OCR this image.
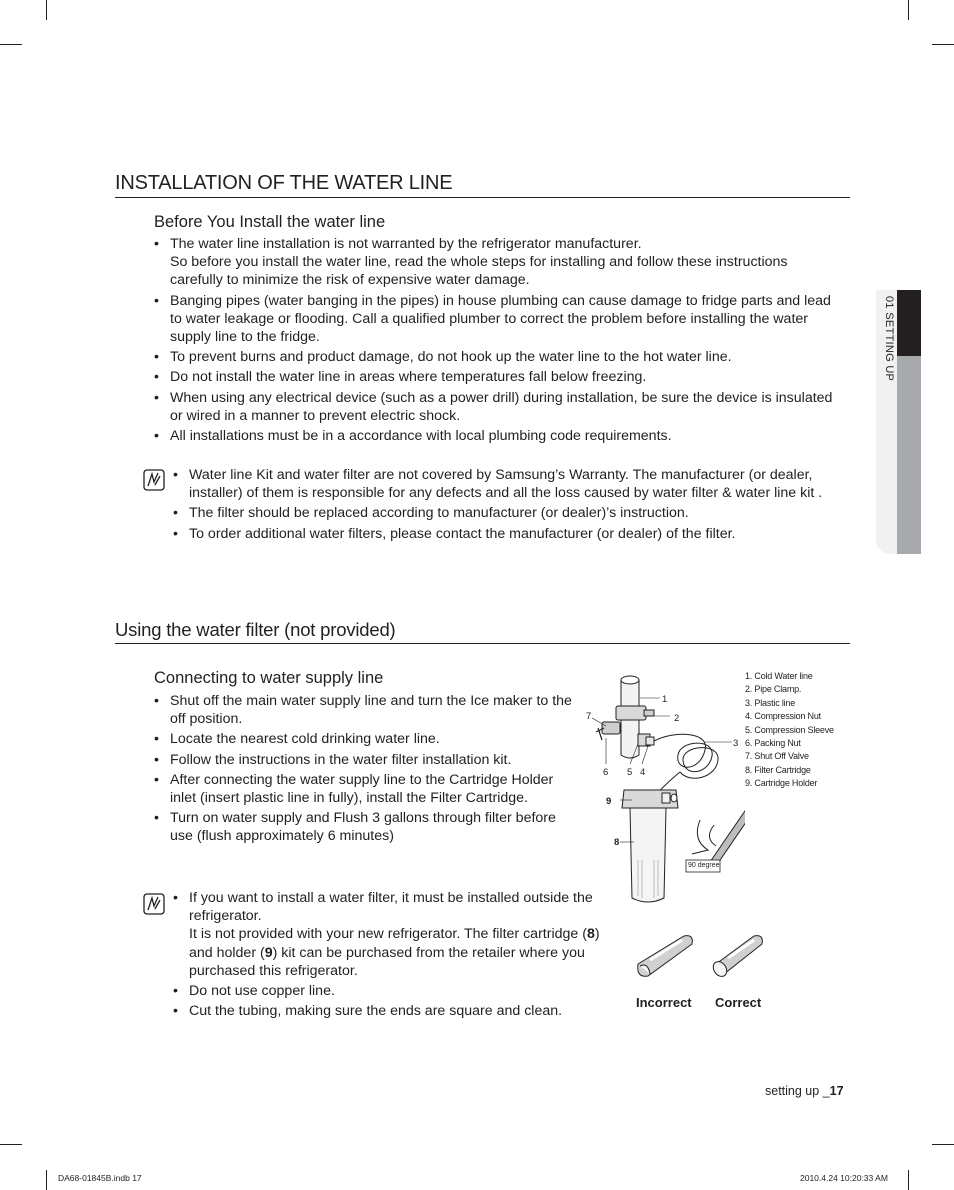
01 SETTING UP
INSTALLATION OF THE WATER LINE
Before You Install the water line
• The water line installation is not warranted by the refrigerator manufacturer.
So before you install the water line, read the whole steps for installing and follow these instructions carefully to minimize the risk of expensive water damage.
• Banging pipes (water banging in the pipes) in house plumbing can cause damage to fridge parts and lead to water leakage or flooding. Call a qualified plumber to correct the problem before installing the water supply line to the fridge.
• To prevent burns and product damage, do not hook up the water line to the hot water line.
• Do not install the water line in areas where temperatures fall below freezing.
• When using any electrical device (such as a power drill) during installation, be sure the device is insulated or wired in a manner to prevent electric shock.
• All installations must be in a accordance with local plumbing code requirements.
• Water line Kit and water filter are not covered by Samsung’s Warranty. The manufacturer (or dealer, installer) of them is responsible for any defects and all the loss caused by water filter & water line kit .
• The filter should be replaced according to manufacturer (or dealer)’s instruction.
• To order additional water filters, please contact the manufacturer (or dealer) of the filter.
Using the water filter (not provided)
Connecting to water supply line
• Shut off the main water supply line and turn the Ice maker to the off position.
• Locate the nearest cold drinking water line.
• Follow the instructions in the water filter installation kit.
• After connecting the water supply line to the Cartridge Holder inlet (insert plastic line in fully), install the Filter Cartridge.
• Turn on water supply and Flush 3 gallons through filter before use (flush approximately 6 minutes)
• If you want to install a water filter, it must be installed outside the refrigerator.
It is not provided with your new refrigerator. The filter cartridge (8) and holder (9) kit can be purchased from the retailer where you purchased this refrigerator.
• Do not use copper line.
• Cut the tubing, making sure the ends are square and clean.
1
2
3
4
5
6
7
8
9
90 degree
1. Cold Water line
2. Pipe Clamp.
3. Plastic line
4. Compression Nut
5. Compression Sleeve
6. Packing Nut
7. Shut Off Valve
8. Filter Cartridge
9. Cartridge Holder
Incorrect Correct
setting up _17
DA68-01845B.indb 17	2010.4.24 10:20:33 AM
